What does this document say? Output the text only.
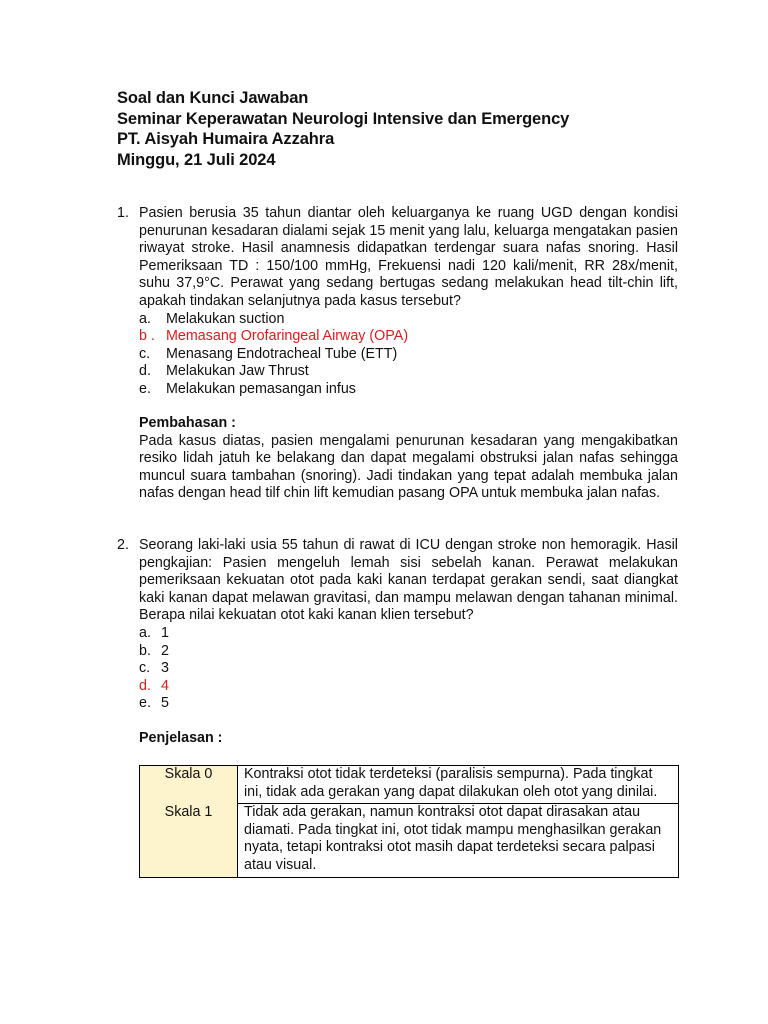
Soal dan Kunci Jawaban
Seminar Keperawatan Neurologi Intensive dan Emergency
PT. Aisyah Humaira Azzahra
Minggu, 21 Juli 2024
1. Pasien berusia 35 tahun diantar oleh keluarganya ke ruang UGD dengan kondisi penurunan kesadaran dialami sejak 15 menit yang lalu, keluarga mengatakan pasien riwayat stroke. Hasil anamnesis didapatkan terdengar suara nafas snoring. Hasil Pemeriksaan TD : 150/100 mmHg, Frekuensi nadi 120 kali/menit, RR 28x/menit, suhu 37,9°C. Perawat yang sedang bertugas sedang melakukan head tilt-chin lift, apakah tindakan selanjutnya pada kasus tersebut?
a.	Melakukan suction
b . Memasang Orofaringeal Airway (OPA)
c.	Menasang Endotracheal Tube (ETT)
d.	Melakukan Jaw Thrust
e.	Melakukan pemasangan infus
Pembahasan :
Pada kasus diatas, pasien mengalami penurunan kesadaran yang mengakibatkan resiko lidah jatuh ke belakang dan dapat megalami obstruksi jalan nafas sehingga muncul suara tambahan (snoring). Jadi tindakan yang tepat adalah membuka jalan nafas dengan head tilf chin lift kemudian pasang OPA untuk membuka jalan nafas.
2. Seorang laki-laki usia 55 tahun di rawat di ICU dengan stroke non hemoragik. Hasil pengkajian: Pasien mengeluh lemah sisi sebelah kanan. Perawat melakukan pemeriksaan kekuatan otot pada kaki kanan terdapat gerakan sendi, saat diangkat kaki kanan dapat melawan gravitasi, dan mampu melawan dengan tahanan minimal. Berapa nilai kekuatan otot kaki kanan klien tersebut?
a. 1
b. 2
c. 3
d. 4
e. 5
Penjelasan :
Skala 0	Kontraksi otot tidak terdeteksi (paralisis sempurna). Pada tingkat ini, tidak ada gerakan yang dapat dilakukan oleh otot yang dinilai.
Skala 1	Tidak ada gerakan, namun kontraksi otot dapat dirasakan atau diamati. Pada tingkat ini, otot tidak mampu menghasilkan gerakan nyata, tetapi kontraksi otot masih dapat terdeteksi secara palpasi atau visual.
